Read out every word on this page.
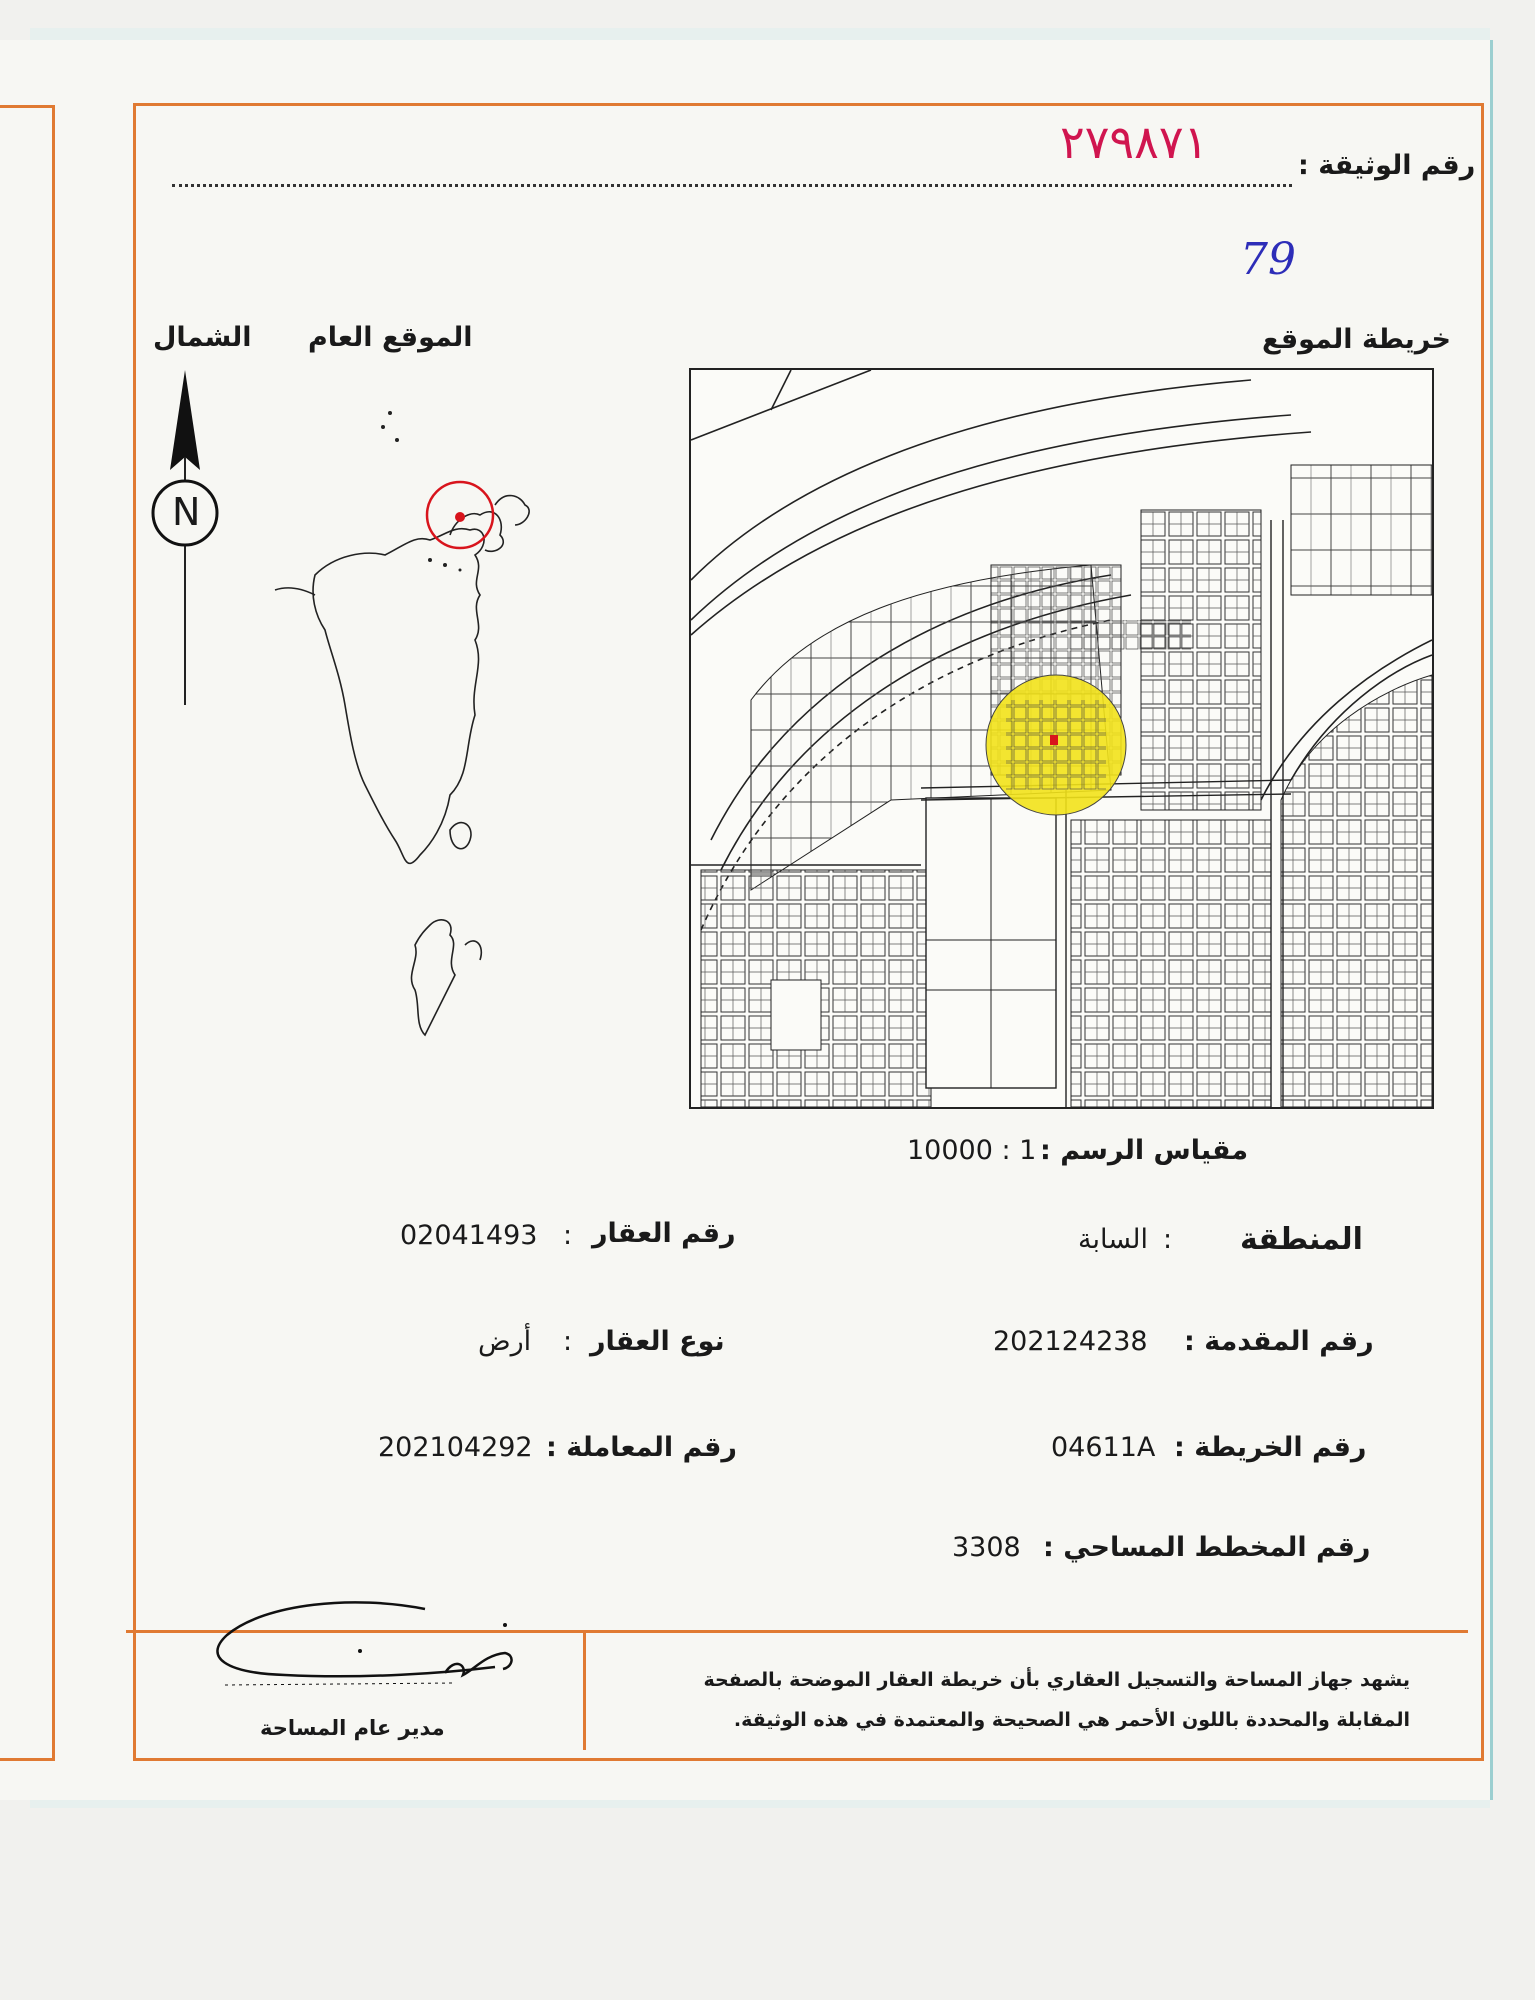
رقم الوثيقة :
٢٧٩٨٧١
79
خريطة الموقع
الموقع العام
الشمال
N
مقياس الرسم :
10000 : 1
المنطقة
:
السابة
رقم المقدمة :
202124238
رقم الخريطة :
04611A
رقم المخطط المساحي :
3308
رقم العقار
:
02041493
نوع العقار
:
أرض
رقم المعاملة :
202104292
يشهد جهاز المساحة والتسجيل العقاري بأن خريطة العقار الموضحة بالصفحة
المقابلة والمحددة باللون الأحمر هي الصحيحة والمعتمدة في هذه الوثيقة.
مدير عام المساحة
